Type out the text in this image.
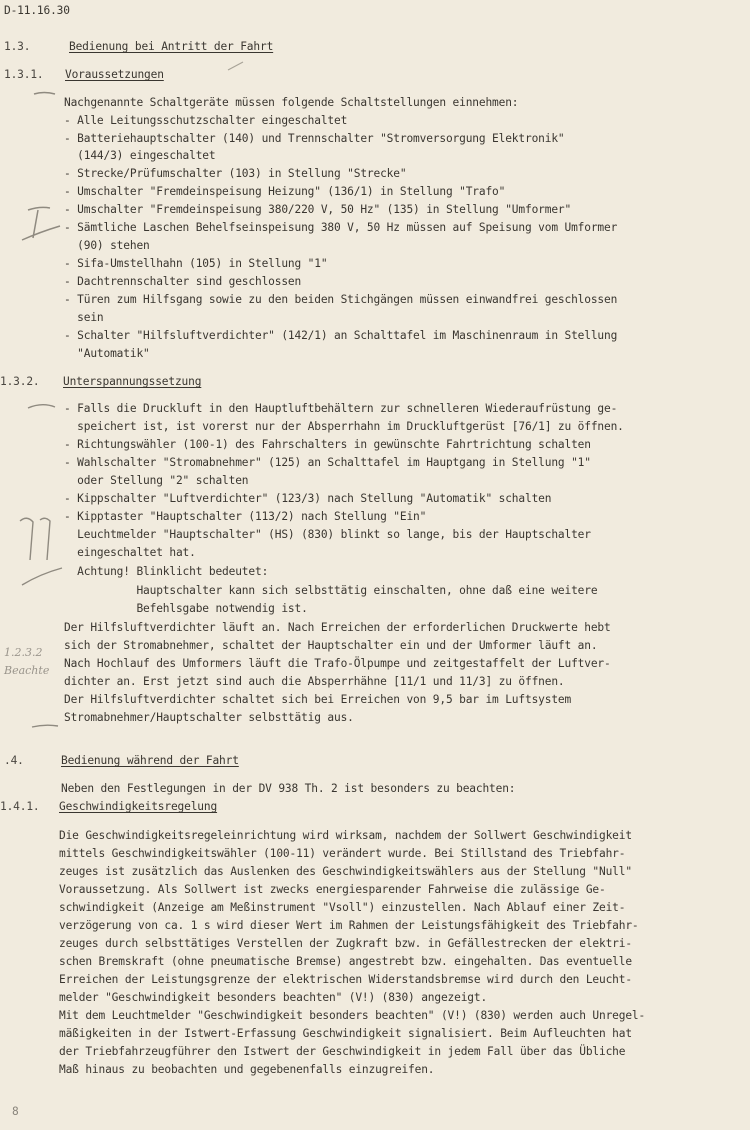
D-11.16.30
1.3.	Bedienung bei Antritt der Fahrt
1.3.1. Voraussetzungen
Nachgenannte Schaltgeräte müssen folgende Schaltstellungen einnehmen:
- Alle Leitungsschutzschalter eingeschaltet
- Batteriehauptschalter (140) und Trennschalter "Stromversorgung Elektronik"
(144/3) eingeschaltet
- Strecke/Prüfumschalter (103) in Stellung "Strecke"
- Umschalter "Fremdeinspeisung Heizung" (136/1) in Stellung "Trafo"
- Umschalter "Fremdeinspeisung 380/220 V, 50 Hz" (135) in Stellung "Umformer"
- Sämtliche Laschen Behelfseinspeisung 380 V, 50 Hz müssen auf Speisung vom Umformer
(90) stehen
- Sifa-Umstellhahn (105) in Stellung "1"
- Dachtrennschalter sind geschlossen
- Türen zum Hilfsgang sowie zu den beiden Stichgängen müssen einwandfrei geschlossen
sein
- Schalter "Hilfsluftverdichter" (142/1) an Schalttafel im Maschinenraum in Stellung
"Automatik"
1.3.2. Unterspannungssetzung
- Falls die Druckluft in den Hauptluftbehältern zur schnelleren Wiederaufrüstung ge-
speichert ist, ist vorerst nur der Absperrhahn im Druckluftgerüst [76/1] zu öffnen.
- Richtungswähler (100-1) des Fahrschalters in gewünschte Fahrtrichtung schalten
- Wahlschalter "Stromabnehmer" (125) an Schalttafel im Hauptgang in Stellung "1"
oder Stellung "2" schalten
- Kippschalter "Luftverdichter" (123/3) nach Stellung "Automatik" schalten
- Kipptaster "Hauptschalter (113/2) nach Stellung "Ein"
Leuchtmelder "Hauptschalter" (HS) (830) blinkt so lange, bis der Hauptschalter
eingeschaltet hat.
Achtung! Blinklicht bedeutet:
Hauptschalter kann sich selbsttätig einschalten, ohne daß eine weitere
Befehlsgabe notwendig ist.
Der Hilfsluftverdichter läuft an. Nach Erreichen der erforderlichen Druckwerte hebt
sich der Stromabnehmer, schaltet der Hauptschalter ein und der Umformer läuft an.
Nach Hochlauf des Umformers läuft die Trafo-Ölpumpe und zeitgestaffelt der Luftver-
dichter an. Erst jetzt sind auch die Absperrhähne [11/1 und 11/3] zu öffnen.
Der Hilfsluftverdichter schaltet sich bei Erreichen von 9,5 bar im Luftsystem
Stromabnehmer/Hauptschalter selbsttätig aus.
1.2.3.2
Beachte
.4.	Bedienung während der Fahrt
Neben den Festlegungen in der DV 938 Th. 2 ist besonders zu beachten:
1.4.1. Geschwindigkeitsregelung
Die Geschwindigkeitsregeleinrichtung wird wirksam, nachdem der Sollwert Geschwindigkeit
mittels Geschwindigkeitswähler (100-11) verändert wurde. Bei Stillstand des Triebfahr-
zeuges ist zusätzlich das Auslenken des Geschwindigkeitswählers aus der Stellung "Null"
Voraussetzung. Als Sollwert ist zwecks energiesparender Fahrweise die zulässige Ge-
schwindigkeit (Anzeige am Meßinstrument "Vsoll") einzustellen. Nach Ablauf einer Zeit-
verzögerung von ca. 1 s wird dieser Wert im Rahmen der Leistungsfähigkeit des Triebfahr-
zeuges durch selbsttätiges Verstellen der Zugkraft bzw. in Gefällestrecken der elektri-
schen Bremskraft (ohne pneumatische Bremse) angestrebt bzw. eingehalten. Das eventuelle
Erreichen der Leistungsgrenze der elektrischen Widerstandsbremse wird durch den Leucht-
melder "Geschwindigkeit besonders beachten" (V!) (830) angezeigt.
Mit dem Leuchtmelder "Geschwindigkeit besonders beachten" (V!) (830) werden auch Unregel-
mäßigkeiten in der Istwert-Erfassung Geschwindigkeit signalisiert. Beim Aufleuchten hat
der Triebfahrzeugführer den Istwert der Geschwindigkeit in jedem Fall über das Übliche
Maß hinaus zu beobachten und gegebenenfalls einzugreifen.
8
